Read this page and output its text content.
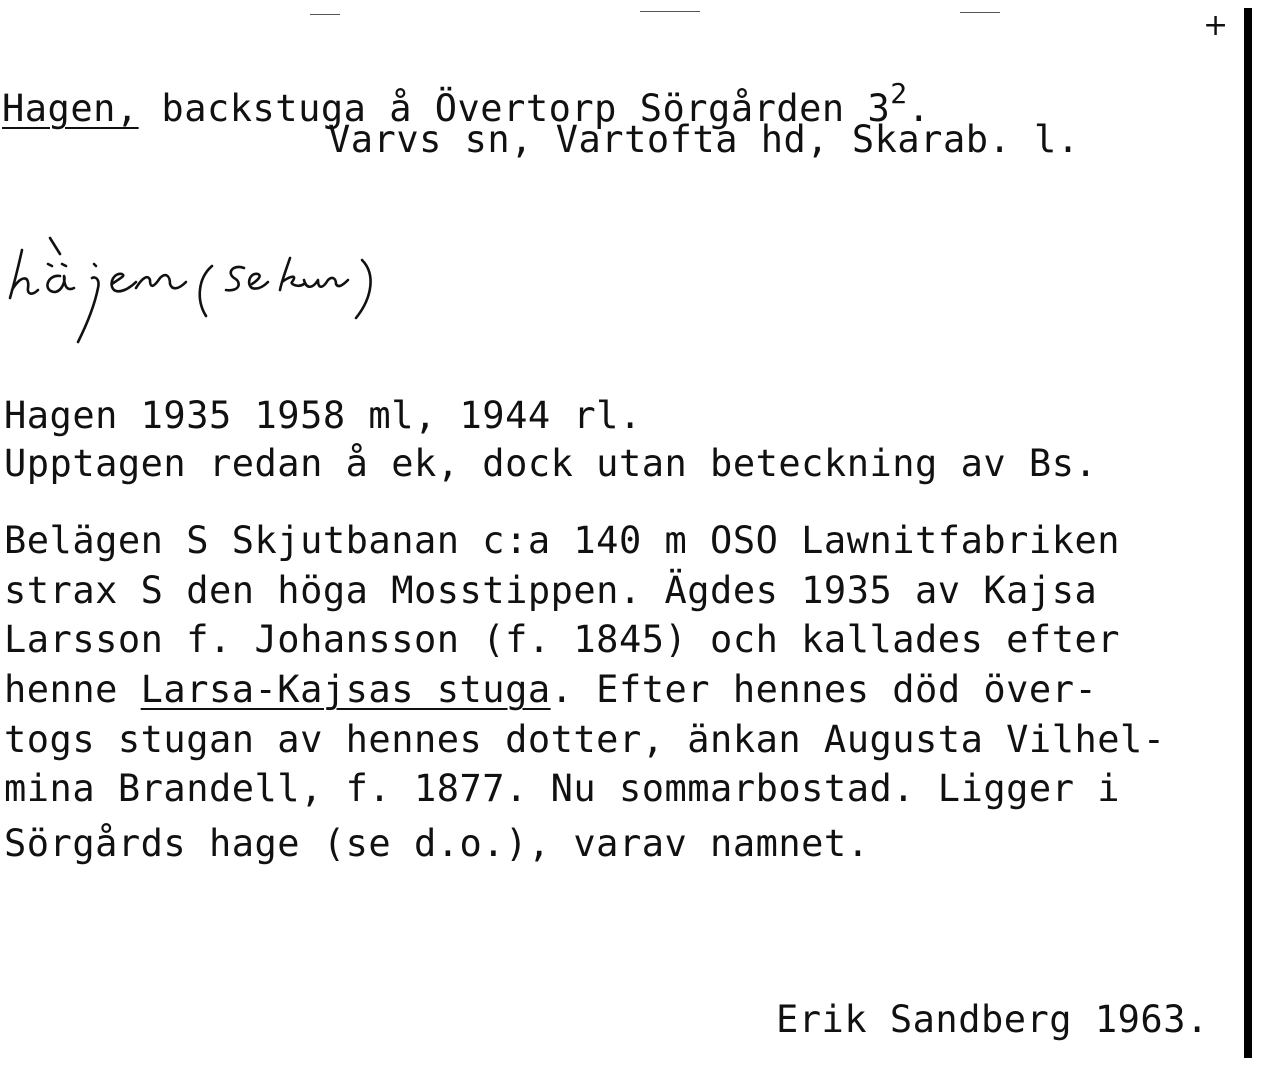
+
Hagen, backstuga å Övertorp Sörgården $3^2$.
Varvs sn, Vartofta hd, Skarab. l.
Hagen 1935 1958 ml, 1944 rl.
Upptagen redan å ek, dock utan beteckning av Bs.
Belägen S Skjutbanan c:a 140 m OSO Lawnitfabriken
strax S den höga Mosstippen. Ägdes 1935 av Kajsa
Larsson f. Johansson (f. 1845) och kallades efter
henne Larsa-Kajsas stuga. Efter hennes död över-
togs stugan av hennes dotter, änkan Augusta Vilhel-
mina Brandell, f. 1877. Nu sommarbostad. Ligger i
Sörgårds hage (se d.o.), varav namnet.
Erik Sandberg 1963.
